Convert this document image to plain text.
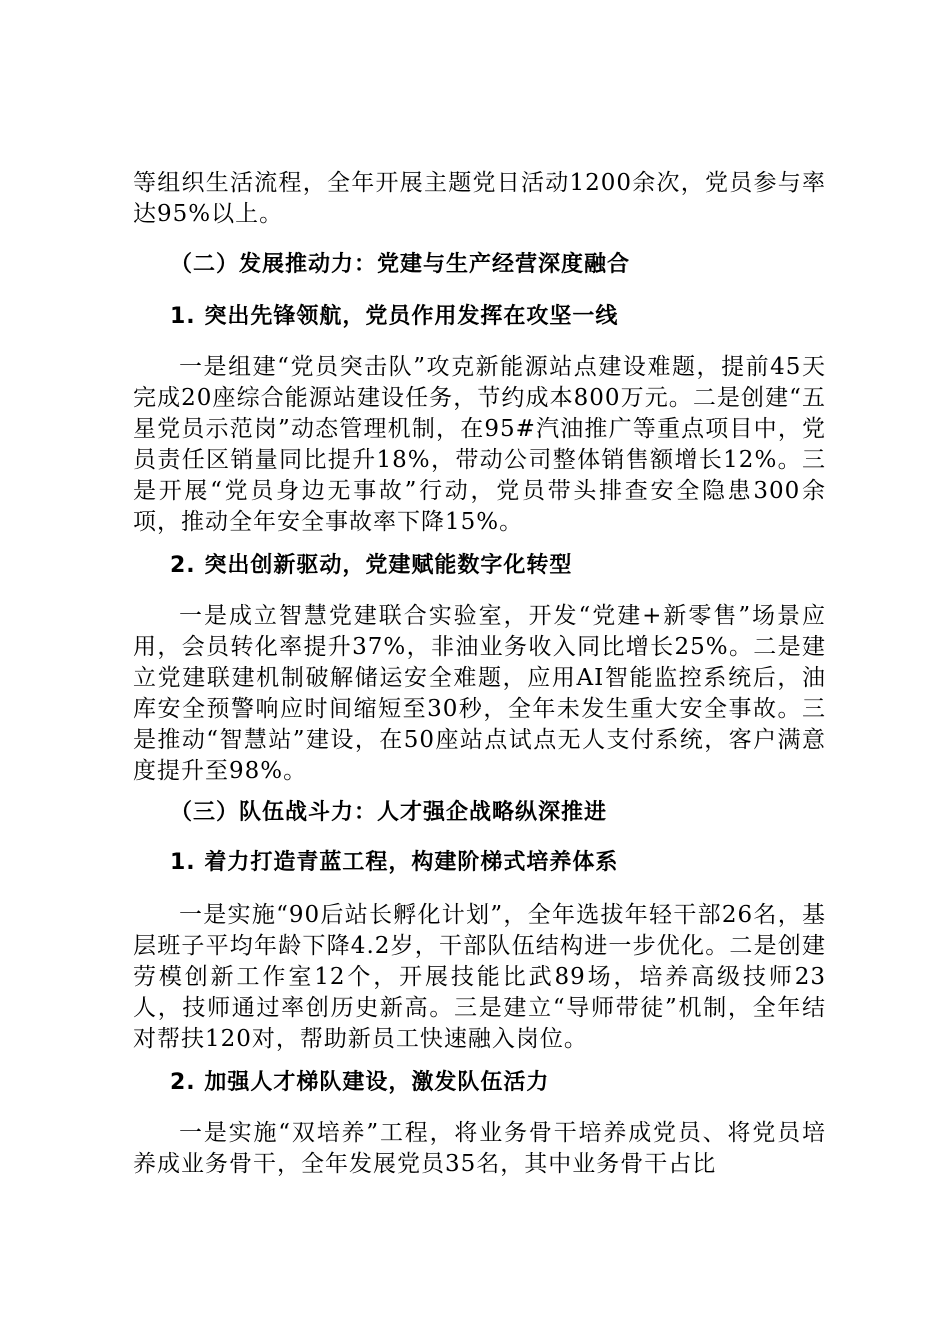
等组织生活流程，全年开展主题党日活动1200余次，党员参与率达95%以上。

（二）发展推动力：党建与生产经营深度融合

1. 突出先锋领航，党员作用发挥在攻坚一线

一是组建“党员突击队”攻克新能源站点建设难题，提前45天完成20座综合能源站建设任务，节约成本800万元。二是创建“五星党员示范岗”动态管理机制，在95#汽油推广等重点项目中，党员责任区销量同比提升18%，带动公司整体销售额增长12%。三是开展“党员身边无事故”行动，党员带头排查安全隐患300余项，推动全年安全事故率下降15%。

2. 突出创新驱动，党建赋能数字化转型

一是成立智慧党建联合实验室，开发“党建+新零售”场景应用，会员转化率提升37%，非油业务收入同比增长25%。二是建立党建联建机制破解储运安全难题，应用AI智能监控系统后，油库安全预警响应时间缩短至30秒，全年未发生重大安全事故。三是推动“智慧站”建设，在50座站点试点无人支付系统，客户满意度提升至98%。

（三）队伍战斗力：人才强企战略纵深推进

1. 着力打造青蓝工程，构建阶梯式培养体系

一是实施“90后站长孵化计划”，全年选拔年轻干部26名，基层班子平均年龄下降4.2岁，干部队伍结构进一步优化。二是创建劳模创新工作室12个，开展技能比武89场，培养高级技师23人，技师通过率创历史新高。三是建立“导师带徒”机制，全年结对帮扶120对，帮助新员工快速融入岗位。

2. 加强人才梯队建设，激发队伍活力

一是实施“双培养”工程，将业务骨干培养成党员、将党员培养成业务骨干，全年发展党员35名，其中业务骨干占比
